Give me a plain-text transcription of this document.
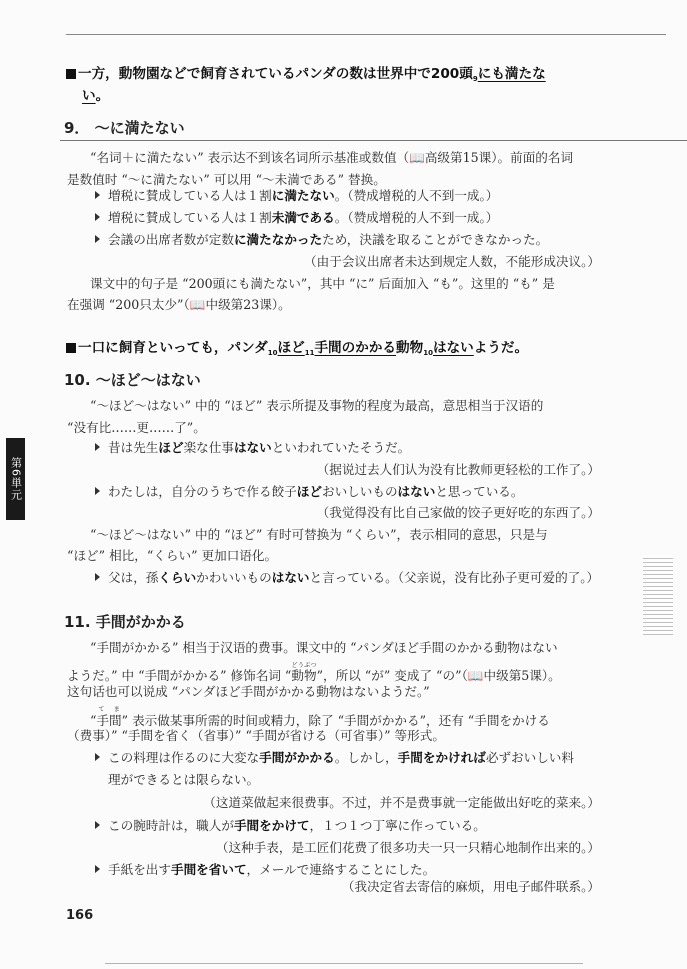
第6単元
一方，動物園などで飼育されているパンダの数は世界中で200頭$_9$にも満たな
い。
9． ～に満たない
“名词＋に満たない” 表示达不到该名词所示基准或数值（📖高级第15课）。前面的名词
是数值时 “～に満たない” 可以用 “～未満である” 替换。
増税に賛成している人は１割に満たない。（赞成增税的人不到一成。）
増税に賛成している人は１割未満である。（赞成增税的人不到一成。）
会議の出席者数が定数に満たなかったため，決議を取ることができなかった。
（由于会议出席者未达到规定人数，不能形成决议。）
课文中的句子是 “200頭にも満たない”，其中 “に” 后面加入 “も”。这里的 “も” 是
在强调 “200只太少”（📖中级第23课）。
一口に飼育といっても，パンダ$_{10}$ほど$_{11}$手間のかかる動物$_{10}$はないようだ。
10. ～ほど～はない
“～ほど～はない” 中的 “ほど” 表示所提及事物的程度为最高，意思相当于汉语的
“没有比……更……了”。
昔は先生ほど楽な仕事はないといわれていたそうだ。
（据说过去人们认为没有比教师更轻松的工作了。）
わたしは，自分のうちで作る餃子ほどおいしいものはないと思っている。
（我觉得没有比自己家做的饺子更好吃的东西了。）
“～ほど～はない” 中的 “ほど” 有时可替换为 “くらい”，表示相同的意思，只是与
“ほど” 相比，“くらい” 更加口语化。
父は，孫くらいかわいいものはないと言っている。（父亲说，没有比孙子更可爱的了。）
11. 手間がかかる
“手間がかかる” 相当于汉语的费事。课文中的 “パンダほど手間のかかる動物はない
ようだ。” 中 “手間がかかる” 修饰名词 “動物どうぶつ”，所以 “が” 变成了 “の”（📖中级第5课）。
这句话也可以说成 “パンダほど手間がかかる動物はないようだ。”
“手間て ま” 表示做某事所需的时间或精力，除了 “手間がかかる”，还有 “手間をかける
（费事）” “手間を省く（省事）” “手間が省ける（可省事）” 等形式。
この料理は作るのに大変な手間がかかる。しかし，手間をかければ必ずおいしい料
理ができるとは限らない。
（这道菜做起来很费事。不过，并不是费事就一定能做出好吃的菜来。）
この腕時計は，職人が手間をかけて，１つ１つ丁寧に作っている。
（这种手表，是工匠们花费了很多功夫一只一只精心地制作出来的。）
手紙を出す手間を省いて，メールで連絡することにした。
（我决定省去寄信的麻烦，用电子邮件联系。）
166
